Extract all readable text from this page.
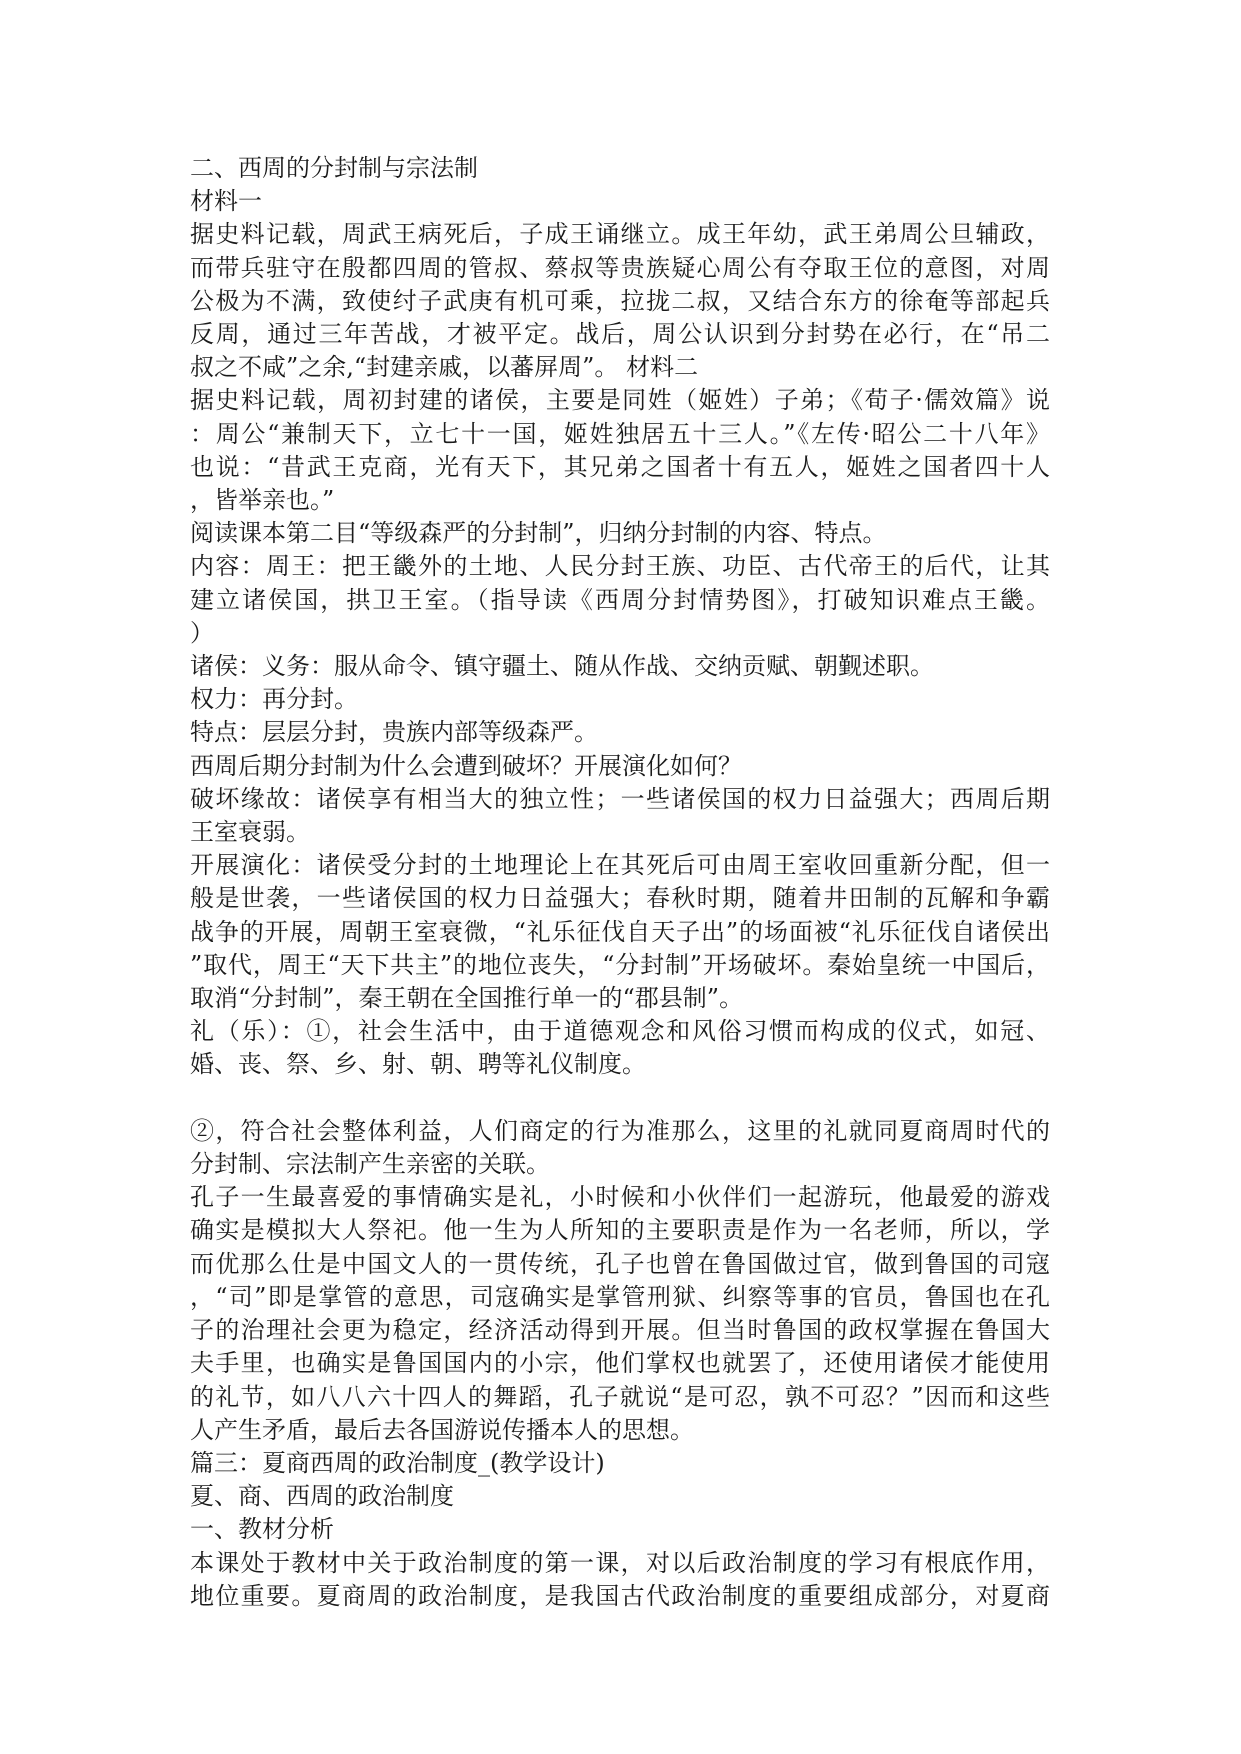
二、西周的分封制与宗法制
材料一
据史料记载，周武王病死后，子成王诵继立。成王年幼，武王弟周公旦辅政，
而带兵驻守在殷都四周的管叔、蔡叔等贵族疑心周公有夺取王位的意图，对周
公极为不满，致使纣子武庚有机可乘，拉拢二叔，又结合东方的徐奄等部起兵
反周，通过三年苦战，才被平定。战后，周公认识到分封势在必行，在“吊二
叔之不咸”之余,“封建亲戚，以蕃屏周”。 材料二
据史料记载，周初封建的诸侯，主要是同姓（姬姓）子弟；《荀子·儒效篇》说
：周公“兼制天下，立七十一国，姬姓独居五十三人。”《左传·昭公二十八年》
也说：“昔武王克商，光有天下，其兄弟之国者十有五人，姬姓之国者四十人
，皆举亲也。”
阅读课本第二目“等级森严的分封制”，归纳分封制的内容、特点。
内容：周王：把王畿外的土地、人民分封王族、功臣、古代帝王的后代，让其
建立诸侯国，拱卫王室。（指导读《西周分封情势图》，打破知识难点王畿。
）
诸侯：义务：服从命令、镇守疆土、随从作战、交纳贡赋、朝觐述职。
权力：再分封。
特点：层层分封，贵族内部等级森严。
西周后期分封制为什么会遭到破坏？开展演化如何？
破坏缘故：诸侯享有相当大的独立性；一些诸侯国的权力日益强大；西周后期
王室衰弱。
开展演化：诸侯受分封的土地理论上在其死后可由周王室收回重新分配，但一
般是世袭，一些诸侯国的权力日益强大；春秋时期，随着井田制的瓦解和争霸
战争的开展，周朝王室衰微，“礼乐征伐自天子出”的场面被“礼乐征伐自诸侯出
”取代，周王“天下共主”的地位丧失，“分封制”开场破坏。秦始皇统一中国后，
取消“分封制”，秦王朝在全国推行单一的“郡县制”。
礼（乐）：①，社会生活中，由于道德观念和风俗习惯而构成的仪式，如冠、
婚、丧、祭、乡、射、朝、聘等礼仪制度。
②，符合社会整体利益，人们商定的行为准那么，这里的礼就同夏商周时代的
分封制、宗法制产生亲密的关联。
孔子一生最喜爱的事情确实是礼，小时候和小伙伴们一起游玩，他最爱的游戏
确实是模拟大人祭祀。他一生为人所知的主要职责是作为一名老师，所以，学
而优那么仕是中国文人的一贯传统，孔子也曾在鲁国做过官，做到鲁国的司寇
，“司”即是掌管的意思，司寇确实是掌管刑狱、纠察等事的官员，鲁国也在孔
子的治理社会更为稳定，经济活动得到开展。但当时鲁国的政权掌握在鲁国大
夫手里，也确实是鲁国国内的小宗，他们掌权也就罢了，还使用诸侯才能使用
的礼节，如八八六十四人的舞蹈，孔子就说“是可忍，孰不可忍？”因而和这些
人产生矛盾，最后去各国游说传播本人的思想。
篇三：夏商西周的政治制度_(教学设计)
夏、商、西周的政治制度
一、教材分析
本课处于教材中关于政治制度的第一课，对以后政治制度的学习有根底作用，
地位重要。夏商周的政治制度，是我国古代政治制度的重要组成部分，对夏商
